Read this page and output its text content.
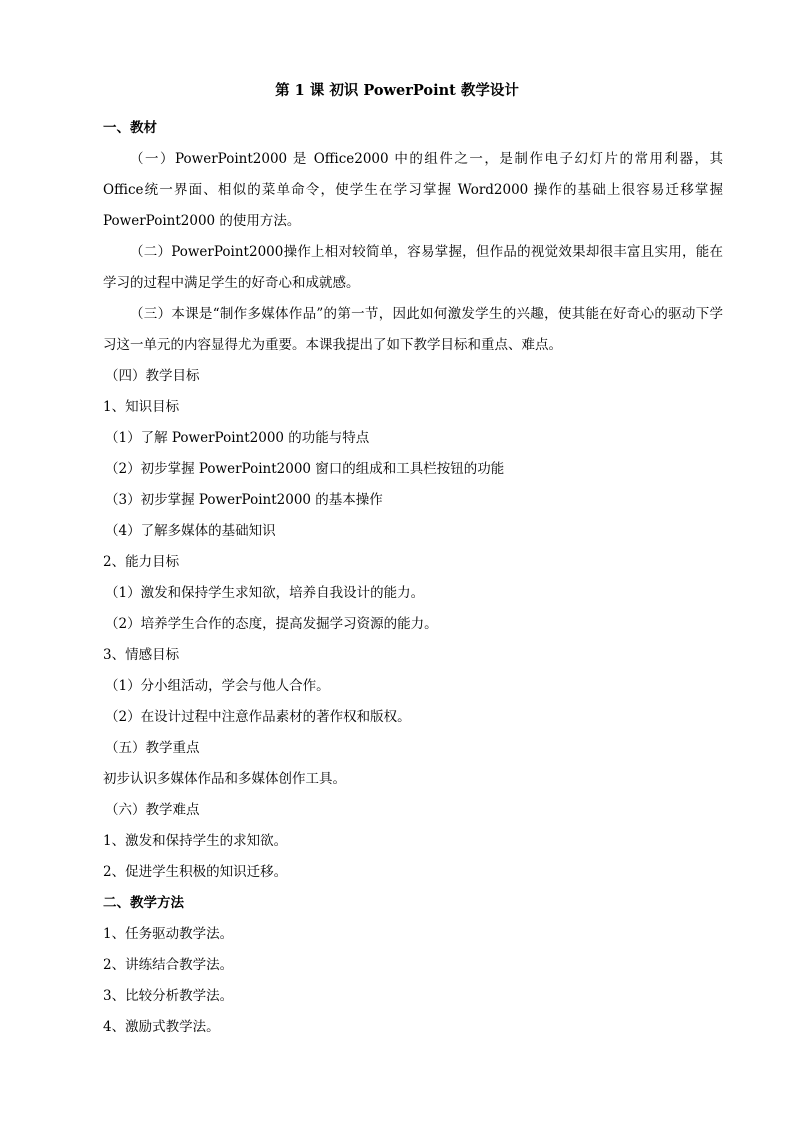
第 1 课 初识 PowerPoint 教学设计
一、教材
（一）PowerPoint2000 是 Office2000 中的组件之一，是制作电子幻灯片的常用利器，其 Office统一界面、相似的菜单命令，使学生在学习掌握 Word2000 操作的基础上很容易迁移掌握 PowerPoint2000 的使用方法。
（二）PowerPoint2000操作上相对较简单，容易掌握，但作品的视觉效果却很丰富且实用，能在学习的过程中满足学生的好奇心和成就感。
（三）本课是“制作多媒体作品”的第一节，因此如何激发学生的兴趣，使其能在好奇心的驱动下学习这一单元的内容显得尤为重要。本课我提出了如下教学目标和重点、难点。
（四）教学目标
1、知识目标
（1）了解 PowerPoint2000 的功能与特点
（2）初步掌握 PowerPoint2000 窗口的组成和工具栏按钮的功能
（3）初步掌握 PowerPoint2000 的基本操作
（4）了解多媒体的基础知识
2、能力目标
（1）激发和保持学生求知欲，培养自我设计的能力。
（2）培养学生合作的态度，提高发掘学习资源的能力。
3、情感目标
（1）分小组活动，学会与他人合作。
（2）在设计过程中注意作品素材的著作权和版权。
（五）教学重点
初步认识多媒体作品和多媒体创作工具。
（六）教学难点
1、激发和保持学生的求知欲。
2、促进学生积极的知识迁移。
二、教学方法
1、任务驱动教学法。
2、讲练结合教学法。
3、比较分析教学法。
4、激励式教学法。
